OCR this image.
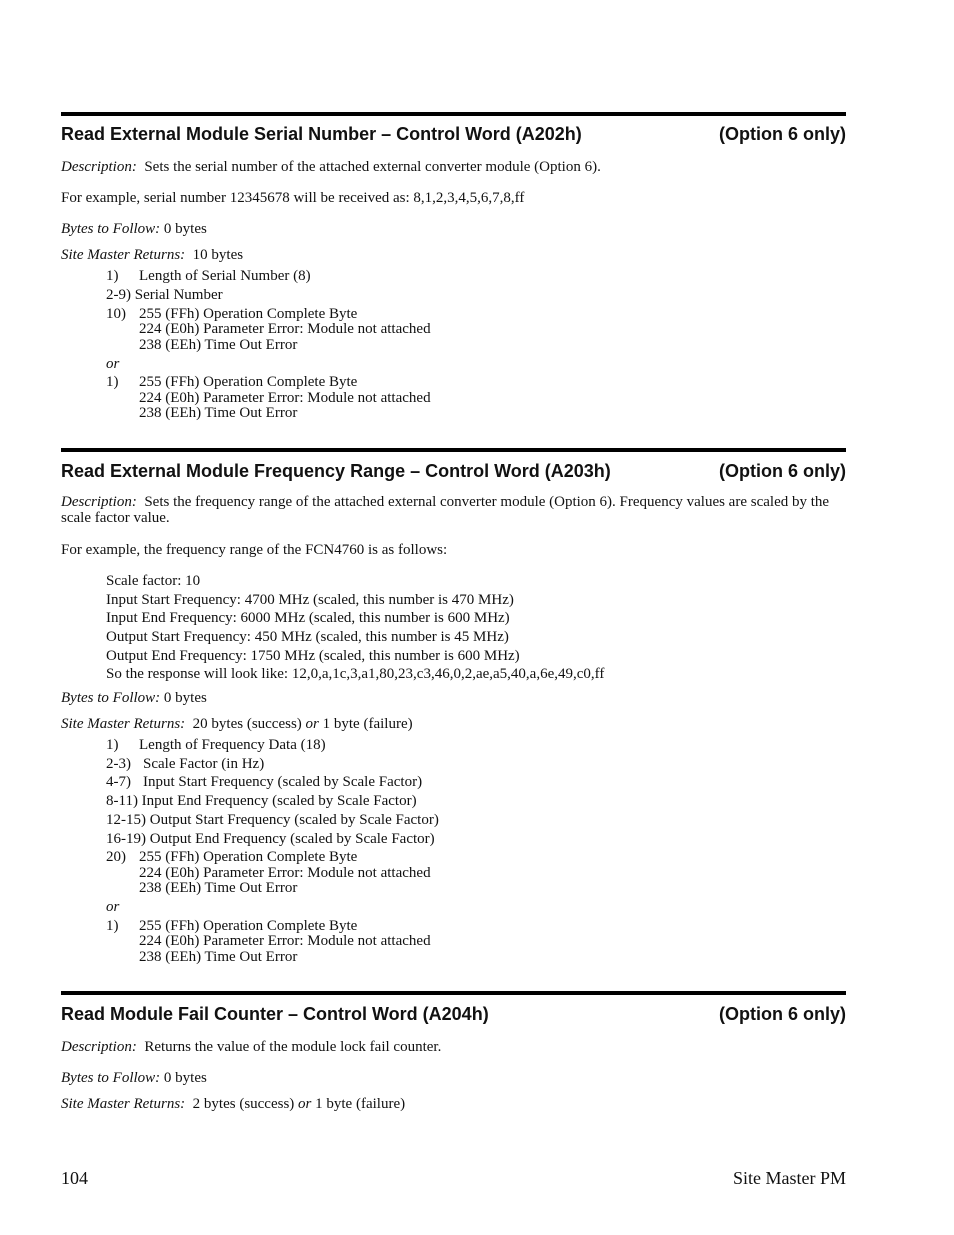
Read External Module Serial Number – Control Word (A202h)	(Option 6 only)
Description: Sets the serial number of the attached external converter module (Option 6).
For example, serial number 12345678 will be received as: 8,1,2,3,4,5,6,7,8,ff
Bytes to Follow: 0 bytes
Site Master Returns: 10 bytes
1) Length of Serial Number (8)
2-9) Serial Number
10) 255 (FFh) Operation Complete Byte
224 (E0h) Parameter Error: Module not attached
238 (EEh) Time Out Error
or
1) 255 (FFh) Operation Complete Byte
224 (E0h) Parameter Error: Module not attached
238 (EEh) Time Out Error
Read External Module Frequency Range – Control Word (A203h)	(Option 6 only)
Description: Sets the frequency range of the attached external converter module (Option 6). Frequency values are scaled by the scale factor value.
For example, the frequency range of the FCN4760 is as follows:
Scale factor: 10
Input Start Frequency: 4700 MHz (scaled, this number is 470 MHz)
Input End Frequency: 6000 MHz (scaled, this number is 600 MHz)
Output Start Frequency: 450 MHz (scaled, this number is 45 MHz)
Output End Frequency: 1750 MHz (scaled, this number is 600 MHz)
So the response will look like: 12,0,a,1c,3,a1,80,23,c3,46,0,2,ae,a5,40,a,6e,49,c0,ff
Bytes to Follow: 0 bytes
Site Master Returns: 20 bytes (success) or 1 byte (failure)
1) Length of Frequency Data (18)
2-3) Scale Factor (in Hz)
4-7) Input Start Frequency (scaled by Scale Factor)
8-11) Input End Frequency (scaled by Scale Factor)
12-15) Output Start Frequency (scaled by Scale Factor)
16-19) Output End Frequency (scaled by Scale Factor)
20) 255 (FFh) Operation Complete Byte
224 (E0h) Parameter Error: Module not attached
238 (EEh) Time Out Error
or
1) 255 (FFh) Operation Complete Byte
224 (E0h) Parameter Error: Module not attached
238 (EEh) Time Out Error
Read Module Fail Counter – Control Word (A204h)	(Option 6 only)
Description: Returns the value of the module lock fail counter.
Bytes to Follow: 0 bytes
Site Master Returns: 2 bytes (success) or 1 byte (failure)
104	Site Master PM
